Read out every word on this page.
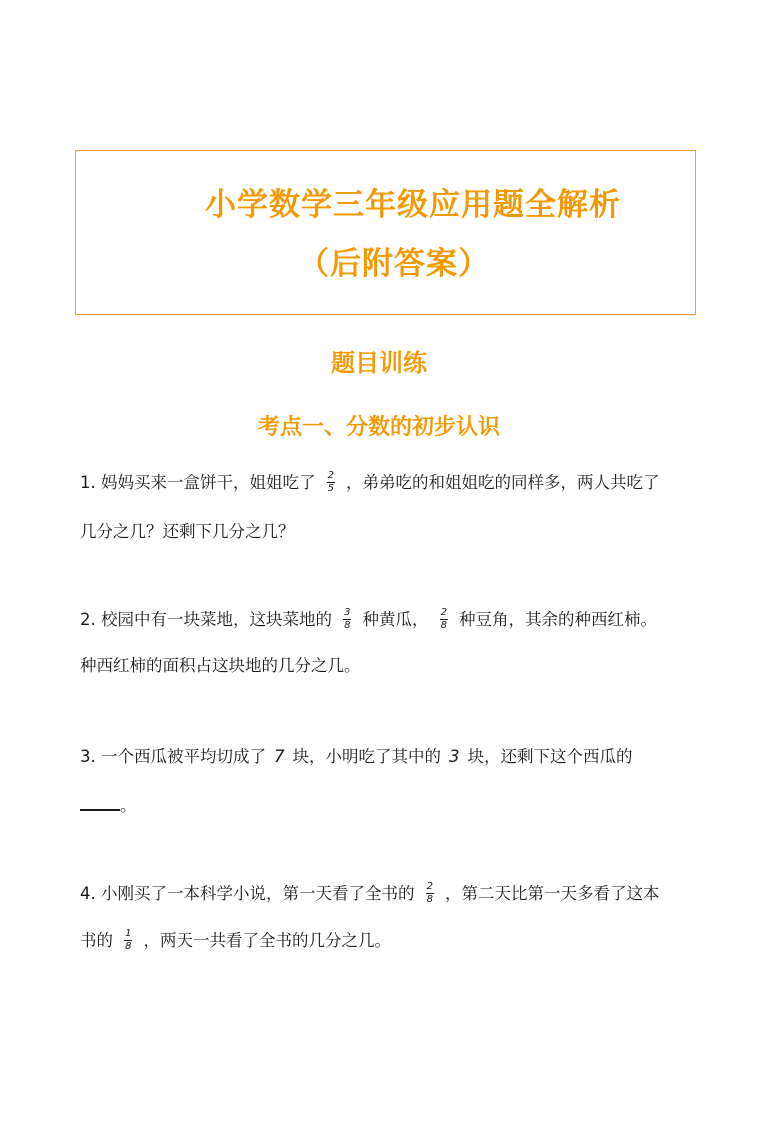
小学数学三年级应用题全解析
（后附答案）
题目训练
考点一、分数的初步认识
1. 妈妈买来一盒饼干，姐姐吃了 $\frac{2}{5}$ ，弟弟吃的和姐姐吃的同样多，两人共吃了
几分之几？还剩下几分之几？
2. 校园中有一块菜地，这块菜地的 $\frac{3}{8}$ 种黄瓜， $\frac{2}{8}$ 种豆角，其余的种西红柿。
种西红柿的面积占这块地的几分之几。
3. 一个西瓜被平均切成了 7 块，小明吃了其中的 3 块，还剩下这个西瓜的
。
4. 小刚买了一本科学小说，第一天看了全书的 $\frac{2}{8}$ ，第二天比第一天多看了这本
书的 $\frac{1}{8}$ ，两天一共看了全书的几分之几。
